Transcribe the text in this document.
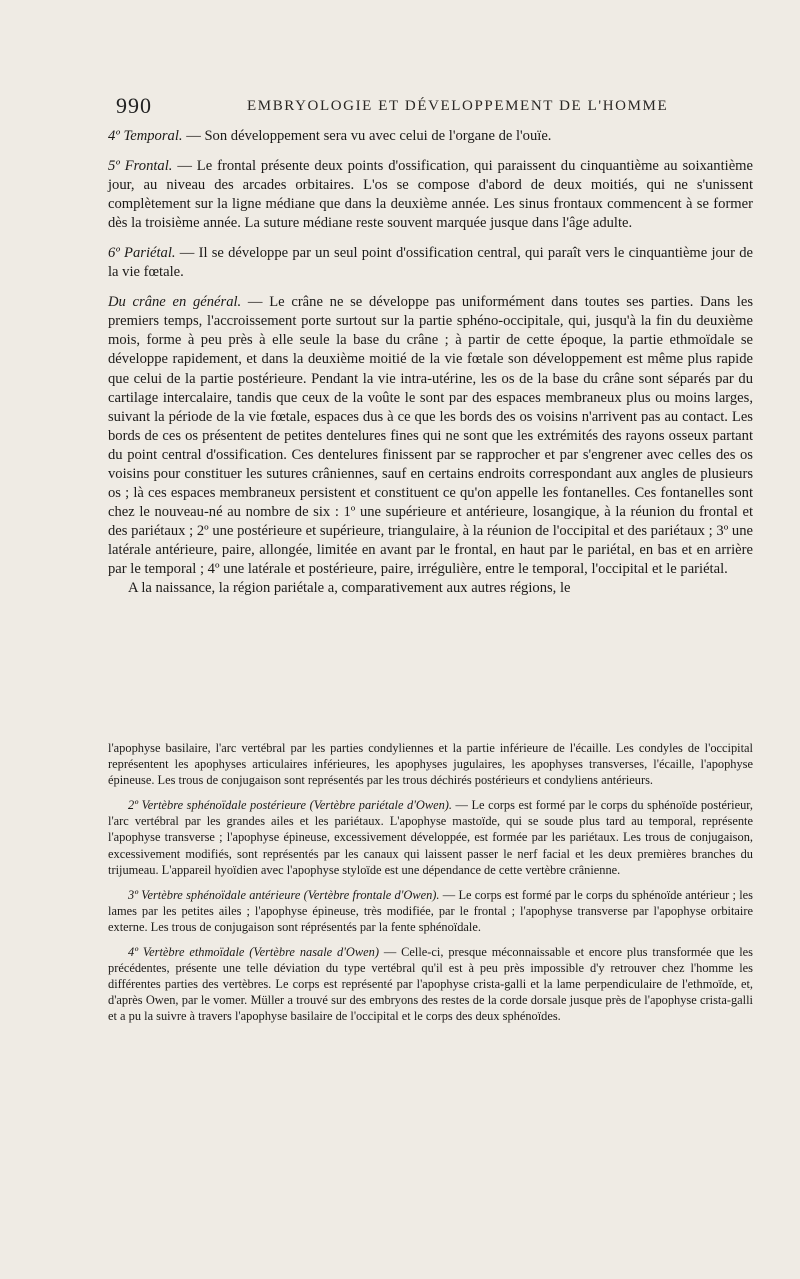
990	EMBRYOLOGIE ET DÉVELOPPEMENT DE L'HOMME

4º Temporal. — Son développement sera vu avec celui de l'organe de l'ouïe.

5º Frontal. — Le frontal présente deux points d'ossification, qui paraissent du cinquantième au soixantième jour, au niveau des arcades orbitaires. L'os se compose d'abord de deux moitiés, qui ne s'unissent complètement sur la ligne médiane que dans la deuxième année. Les sinus frontaux commencent à se former dès la troisième année. La suture médiane reste souvent marquée jusque dans l'âge adulte.

6º Pariétal. — Il se développe par un seul point d'ossification central, qui paraît vers le cinquantième jour de la vie fœtale.

Du crâne en général. — Le crâne ne se développe pas uniformément dans toutes ses parties. Dans les premiers temps, l'accroissement porte surtout sur la partie sphéno-occipitale, qui, jusqu'à la fin du deuxième mois, forme à peu près à elle seule la base du crâne ; à partir de cette époque, la partie ethmoïdale se développe rapidement, et dans la deuxième moitié de la vie fœtale son développement est même plus rapide que celui de la partie postérieure. Pendant la vie intra-utérine, les os de la base du crâne sont séparés par du cartilage intercalaire, tandis que ceux de la voûte le sont par des espaces membraneux plus ou moins larges, suivant la période de la vie fœtale, espaces dus à ce que les bords des os voisins n'arrivent pas au contact. Les bords de ces os présentent de petites dentelures fines qui ne sont que les extrémités des rayons osseux partant du point central d'ossification. Ces dentelures finissent par se rapprocher et par s'engrener avec celles des os voisins pour constituer les sutures crâniennes, sauf en certains endroits correspondant aux angles de plusieurs os ; là ces espaces membraneux persistent et constituent ce qu'on appelle les fontanelles. Ces fontanelles sont chez le nouveau-né au nombre de six : 1º une supérieure et antérieure, losangique, à la réunion du frontal et des pariétaux ; 2º une postérieure et supérieure, triangulaire, à la réunion de l'occipital et des pariétaux ; 3º une latérale antérieure, paire, allongée, limitée en avant par le frontal, en haut par le pariétal, en bas et en arrière par le temporal ; 4º une latérale et postérieure, paire, irrégulière, entre le temporal, l'occipital et le pariétal.

A la naissance, la région pariétale a, comparativement aux autres régions, le

l'apophyse basilaire, l'arc vertébral par les parties condyliennes et la partie inférieure de l'écaille. Les condyles de l'occipital représentent les apophyses articulaires inférieures, les apophyses jugulaires, les apophyses transverses, l'écaille, l'apophyse épineuse. Les trous de conjugaison sont représentés par les trous déchirés postérieurs et condyliens antérieurs.

2º Vertèbre sphénoïdale postérieure (Vertèbre pariétale d'Owen). — Le corps est formé par le corps du sphénoïde postérieur, l'arc vertébral par les grandes ailes et les pariétaux. L'apophyse mastoïde, qui se soude plus tard au temporal, représente l'apophyse transverse ; l'apophyse épineuse, excessivement développée, est formée par les pariétaux. Les trous de conjugaison, excessivement modifiés, sont représentés par les canaux qui laissent passer le nerf facial et les deux premières branches du trijumeau. L'appareil hyoïdien avec l'apophyse styloïde est une dépendance de cette vertèbre crânienne.

3º Vertèbre sphénoïdale antérieure (Vertèbre frontale d'Owen). — Le corps est formé par le corps du sphénoïde antérieur ; les lames par les petites ailes ; l'apophyse épineuse, très modifiée, par le frontal ; l'apophyse transverse par l'apophyse orbitaire externe. Les trous de conjugaison sont réprésentés par la fente sphénoïdale.

4º Vertèbre ethmoïdale (Vertèbre nasale d'Owen) — Celle-ci, presque méconnaissable et encore plus transformée que les précédentes, présente une telle déviation du type vertébral qu'il est à peu près impossible d'y retrouver chez l'homme les différentes parties des vertèbres. Le corps est représenté par l'apophyse crista-galli et la lame perpendiculaire de l'ethmoïde, et, d'après Owen, par le vomer. Müller a trouvé sur des embryons des restes de la corde dorsale jusque près de l'apophyse crista-galli et a pu la suivre à travers l'apophyse basilaire de l'occipital et le corps des deux sphénoïdes.
